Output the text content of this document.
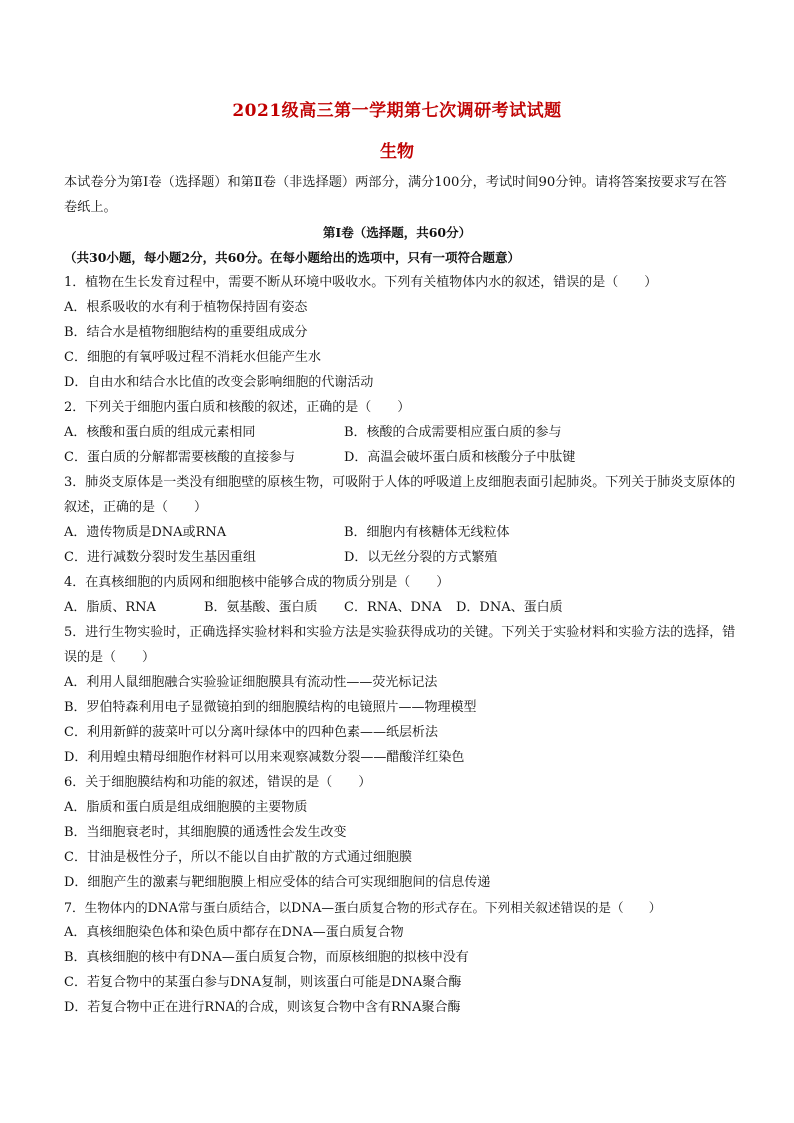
2021级高三第一学期第七次调研考试试题
生物
本试卷分为第Ⅰ卷（选择题）和第Ⅱ卷（非选择题）两部分，满分100分，考试时间90分钟。请将答案按要求写在答卷纸上。
第Ⅰ卷（选择题，共60分）
（共30小题，每小题2分，共60分。在每小题给出的选项中，只有一项符合题意）
1．植物在生长发育过程中，需要不断从环境中吸收水。下列有关植物体内水的叙述，错误的是（　　）
A．根系吸收的水有利于植物保持固有姿态
B．结合水是植物细胞结构的重要组成成分
C．细胞的有氧呼吸过程不消耗水但能产生水
D．自由水和结合水比值的改变会影响细胞的代谢活动
2．下列关于细胞内蛋白质和核酸的叙述，正确的是（　　）
A．核酸和蛋白质的组成元素相同	B．核酸的合成需要相应蛋白质的参与
C．蛋白质的分解都需要核酸的直接参与	D．高温会破坏蛋白质和核酸分子中肽键
3．肺炎支原体是一类没有细胞壁的原核生物，可吸附于人体的呼吸道上皮细胞表面引起肺炎。下列关于肺炎支原体的叙述，正确的是（　　）
A．遗传物质是DNA或RNA	B．细胞内有核糖体无线粒体
C．进行减数分裂时发生基因重组	D．以无丝分裂的方式繁殖
4．在真核细胞的内质网和细胞核中能够合成的物质分别是（　　）
A．脂质、RNA	B．氨基酸、蛋白质 C．RNA、DNA D．DNA、蛋白质
5．进行生物实验时，正确选择实验材料和实验方法是实验获得成功的关键。下列关于实验材料和实验方法的选择，错误的是（　　）
A．利用人鼠细胞融合实验验证细胞膜具有流动性——荧光标记法
B．罗伯特森利用电子显微镜拍到的细胞膜结构的电镜照片——物理模型
C．利用新鲜的菠菜叶可以分离叶绿体中的四种色素——纸层析法
D．利用蝗虫精母细胞作材料可以用来观察减数分裂——醋酸洋红染色
6．关于细胞膜结构和功能的叙述，错误的是（　　）
A．脂质和蛋白质是组成细胞膜的主要物质
B．当细胞衰老时，其细胞膜的通透性会发生改变
C．甘油是极性分子，所以不能以自由扩散的方式通过细胞膜
D．细胞产生的激素与靶细胞膜上相应受体的结合可实现细胞间的信息传递
7．生物体内的DNA常与蛋白质结合，以DNA—蛋白质复合物的形式存在。下列相关叙述错误的是（　　）
A．真核细胞染色体和染色质中都存在DNA—蛋白质复合物
B．真核细胞的核中有DNA—蛋白质复合物，而原核细胞的拟核中没有
C．若复合物中的某蛋白参与DNA复制，则该蛋白可能是DNA聚合酶
D．若复合物中正在进行RNA的合成，则该复合物中含有RNA聚合酶
